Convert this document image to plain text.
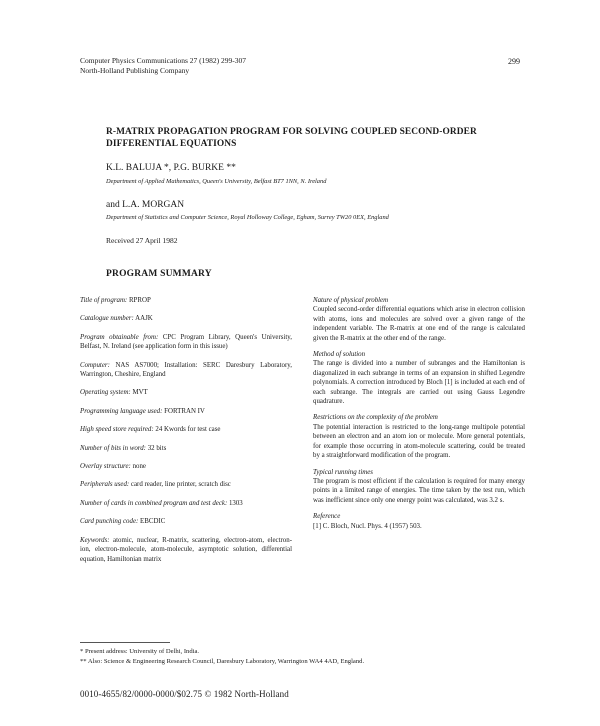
Computer Physics Communications 27 (1982) 299-307
North-Holland Publishing Company
299
R-MATRIX PROPAGATION PROGRAM FOR SOLVING COUPLED SECOND-ORDER DIFFERENTIAL EQUATIONS
K.L. BALUJA *, P.G. BURKE **
Department of Applied Mathematics, Queen's University, Belfast BT7 1NN, N. Ireland
and L.A. MORGAN
Department of Statistics and Computer Science, Royal Holloway College, Egham, Surrey TW20 0EX, England
Received 27 April 1982
PROGRAM SUMMARY
Title of program: RPROP
Catalogue number: AAJK
Program obtainable from: CPC Program Library, Queen's University, Belfast, N. Ireland (see application form in this issue)
Computer: NAS AS7000; Installation: SERC Daresbury Laboratory, Warrington, Cheshire, England
Operating system: MVT
Programming language used: FORTRAN IV
High speed store required: 24 Kwords for test case
Number of bits in word: 32 bits
Overlay structure: none
Peripherals used: card reader, line printer, scratch disc
Number of cards in combined program and test deck: 1303
Card punching code: EBCDIC
Keywords: atomic, nuclear, R-matrix, scattering, electron-atom, electron-ion, electron-molecule, atom-molecule, asymptotic solution, differential equation, Hamiltonian matrix
Nature of physical problem
Coupled second-order differential equations which arise in electron collision with atoms, ions and molecules are solved over a given range of the independent variable. The R-matrix at one end of the range is calculated given the R-matrix at the other end of the range.
Method of solution
The range is divided into a number of subranges and the Hamiltonian is diagonalized in each subrange in terms of an expansion in shifted Legendre polynomials. A correction introduced by Bloch [1] is included at each end of each subrange. The integrals are carried out using Gauss Legendre quadrature.
Restrictions on the complexity of the problem
The potential interaction is restricted to the long-range multipole potential between an electron and an atom ion or molecule. More general potentials, for example those occurring in atom-molecule scattering, could be treated by a straightforward modification of the program.
Typical running times
The program is most efficient if the calculation is required for many energy points in a limited range of energies. The time taken by the test run, which was inefficient since only one energy point was calculated, was 3.2 s.
Reference
[1] C. Bloch, Nucl. Phys. 4 (1957) 503.
* Present address: University of Delhi, India.
** Also: Science & Engineering Research Council, Daresbury Laboratory, Warrington WA4 4AD, England.
0010-4655/82/0000-0000/$02.75 © 1982 North-Holland
